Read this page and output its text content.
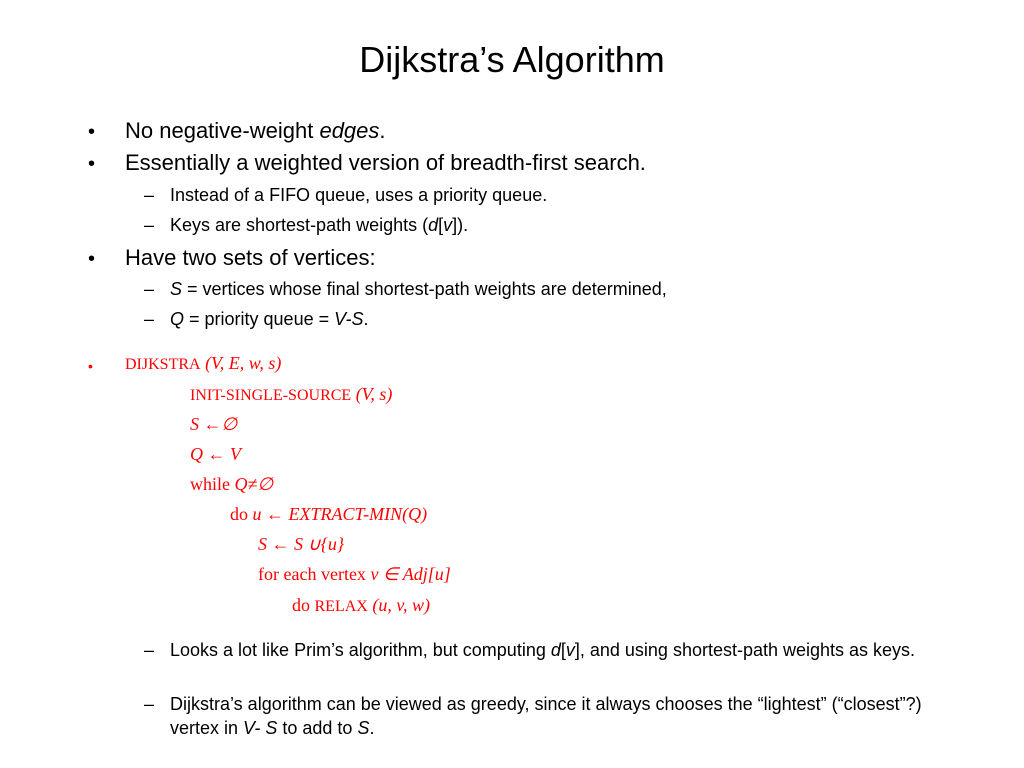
Dijkstra’s Algorithm
• No negative-weight edges.
• Essentially a weighted version of breadth-first search.
– Instead of a FIFO queue, uses a priority queue.
– Keys are shortest-path weights (d[v]).
• Have two sets of vertices:
– S = vertices whose final shortest-path weights are determined,
– Q = priority queue = V-S.
• DIJKSTRA (V, E, w, s)
INIT-SINGLE-SOURCE (V, s)
S ←∅
Q ← V
while Q≠∅
do u ← EXTRACT-MIN(Q)
S ← S ∪{u}
for each vertex v ∈ Adj[u]
do RELAX (u, v, w)
– Looks a lot like Prim’s algorithm, but computing d[v], and using shortest-path weights as keys.
– Dijkstra’s algorithm can be viewed as greedy, since it always chooses the “lightest” (“closest”?) vertex in V- S to add to S.
